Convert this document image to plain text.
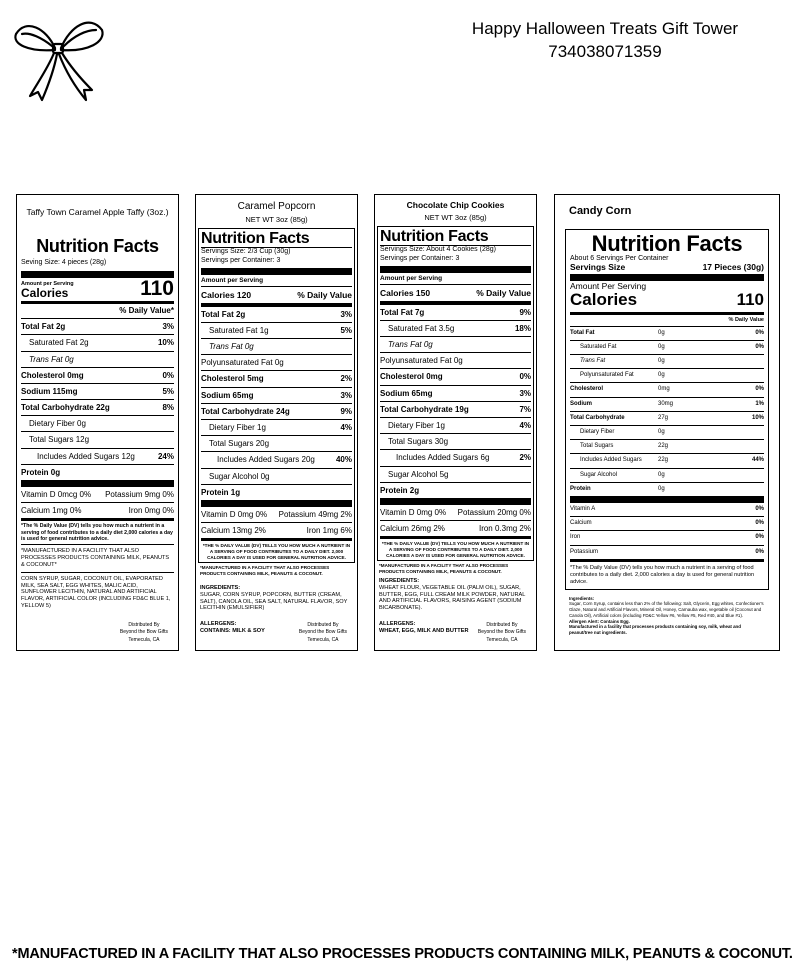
Happy Halloween Treats Gift Tower
734038071359
Taffy Town Caramel Apple Taffy (3oz.)
Nutrition Facts
Seving Size: 4 pieces (28g)
Amount per Serving
Calories	110
% Daily Value*
Total Fat 2g	3%
Saturated Fat 2g	10%
Trans Fat 0g
Cholesterol 0mg	0%
Sodium 115mg	5%
Total Carbohydrate 22g	8%
Dietary Fiber 0g
Total Sugars 12g
Includes Added Sugars 12g	24%
Protein 0g
Vitamin D 0mcg 0% Potassium 9mg 0%
Calcium 1mg 0%	Iron 0mg 0%
*The % Daily Value (DV) tells you how much a nutrient in a serving of food contributes to a daily diet 2,000 calories a day is used for general nutrition advice.
*MANUFACTURED IN A FACILITY THAT ALSO PROCESSES PRODUCTS CONTAINING MILK, PEANUTS & COCONUT*
CORN SYRUP, SUGAR, COCONUT OIL, EVAPORATED MILK, SEA SALT, EGG WHITES, MALIC ACID, SUNFLOWER LECITHIN, NATURAL AND ARTIFICIAL FLAVOR, ARTIFICIAL COLOR (INCLUDING FD&C BLUE 1, YELLOW 5)
Distributed By
Beyond the Bow Gifts
Temecula, CA
Caramel Popcorn
NET WT 3oz (85g)
Nutrition Facts
Servings Size: 2/3 Cup (30g)
Servings per Container: 3
Amount per Serving
Calories 120	% Daily Value
Total Fat 2g	3%
Saturated Fat 1g	5%
Trans Fat 0g
Polyunsaturated Fat 0g
Cholesterol 5mg	2%
Sodium 65mg	3%
Total Carbohydrate 24g	9%
Dietary Fiber 1g	4%
Total Sugars 20g
Includes Added Sugars 20g	40%
Sugar Alcohol 0g
Protein 1g
Vitamin D 0mg 0% Potassium 49mg 2%
Calcium 13mg 2%	Iron 1mg 6%
*THE % DAILY VALUE (DV) TELLS YOU HOW MUCH A NUTRIENT IN A SERVING OF FOOD CONTRIBUTES TO A DAILY DIET. 2,000 CALORIES A DAY IS USED FOR GENERAL NUTRITION ADVICE.
*MANUFACTURED IN A FACILITY THAT ALSO PROCESSES PRODUCTS CONTAINING MILK, PEANUTS & COCONUT.
INGREDIENTS:
SUGAR, CORN SYRUP, POPCORN, BUTTER (CREAM, SALT), CANOLA OIL, SEA SALT, NATURAL FLAVOR, SOY LECITHIN (EMULSIFIER)
ALLERGENS:
CONTAINS: MILK & SOY
Distributed By
Beyond the Bow Gifts
Temecula, CA
Chocolate Chip Cookies
NET WT 3oz (85g)
Nutrition Facts
Servings Size: About 4 Cookies (28g)
Servings per Container: 3
Amount per Serving
Calories 150	% Daily Value
Total Fat 7g	9%
Saturated Fat 3.5g	18%
Trans Fat 0g
Polyunsaturated Fat 0g
Cholesterol 0mg	0%
Sodium 65mg	3%
Total Carbohydrate 19g	7%
Dietary Fiber 1g	4%
Total Sugars 30g
Includes Added Sugars 6g	2%
Sugar Alcohol 5g
Protein 2g
Vitamin D 0mg 0% Potassium 20mg 0%
Calcium 26mg 2%	Iron 0.3mg 2%
*THE % DAILY VALUE (DV) TELLS YOU HOW MUCH A NUTRIENT IN A SERVING OF FOOD CONTRIBUTES TO A DAILY DIET. 2,000 CALORIES A DAY IS USED FOR GENERAL NUTRITION ADVICE.
*MANUFACTURED IN A FACILITY THAT ALSO PROCESSES PRODUCTS CONTAINING MILK, PEANUTS & COCONUT.
INGREDIENTS:
WHEAT FLOUR, VEGETABLE OIL (PALM OIL), SUGAR, BUTTER, EGG, FULL CREAM MILK POWDER, NATURAL AND ARTIFICIAL FLAVORS, RAISING AGENT (SODIUM BICARBONATE).
ALLERGENS:
WHEAT, EGG, MILK AND BUTTER
Distributed By
Beyond the Bow Gifts
Temecula, CA
Candy Corn
Nutrition Facts
About 6 Servings Per Container
Servings Size	17 Pieces (30g)
Amount Per Serving
Calories	110
% Daily Value
Total Fat	0g	0%
Saturated Fat	0g	0%
Trans Fat	0g
Polyunsaturated Fat	0g
Cholesterol	0mg	0%
Sodium	30mg	1%
Total Carbohydrate	27g	10%
Dietary Fiber	0g
Total Sugars	22g
Includes Added Sugars	22g	44%
Sugar Alcohol	0g
Protein	0g
Vitamin A	0%
Calcium	0%
Iron	0%
Potassium	0%
*The % Daily Value (DV) tells you how much a nutrient in a serving of food contributes to a daily diet. 2,000 calories a day is used for general nutrition advice.
Ingredients:
Sugar, Corn Syrup, contains less than 2% of the following: Salt, Glycerin, Egg whites, Confectioner's Glaze, Natural and Artificial Flavors, Mineral Oil, Honey, Carnauba wax, vegetable oil (Coconut and Canola Oil), Artificial colors (including FD&C Yellow #6, Yellow #5, Red #40, and Blue #1).
Allergen Alert: Contains Egg.
Manufactured in a facility that processes products containing soy, milk, wheat and peanut/tree nut ingredients.
*MANUFACTURED IN A FACILITY THAT ALSO PROCESSES PRODUCTS CONTAINING MILK, PEANUTS & COCONUT.
